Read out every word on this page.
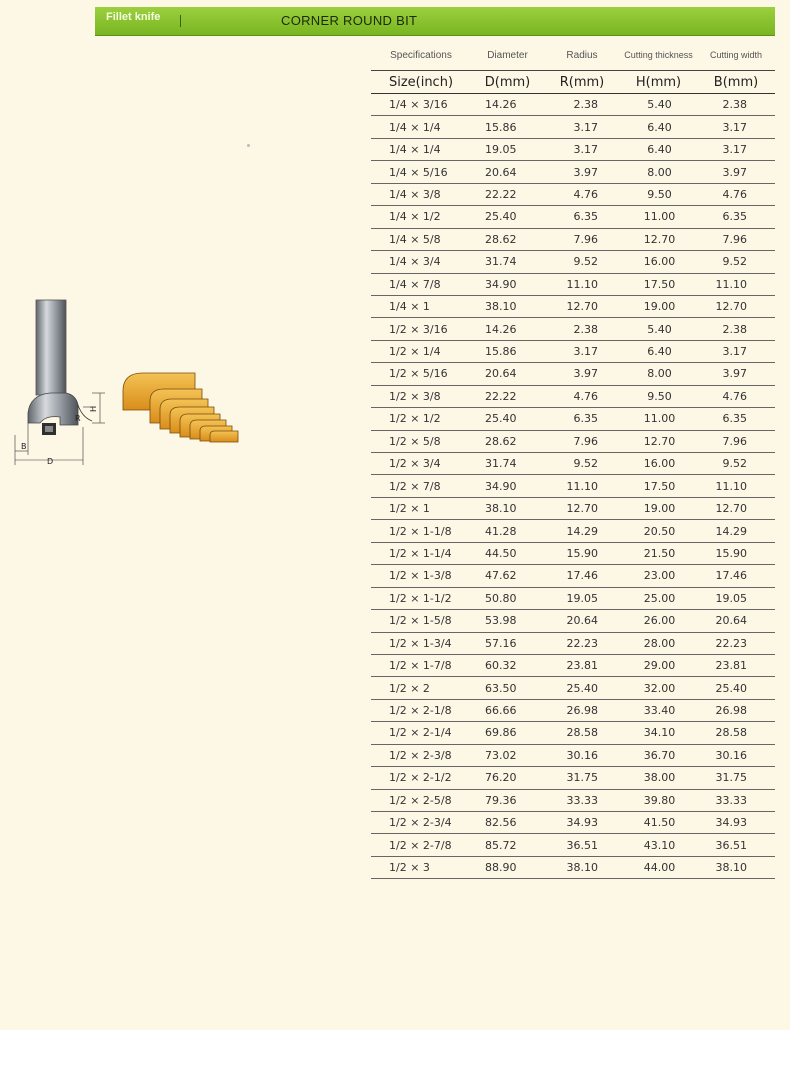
Fillet knife	CORNER ROUND BIT
R
H
B
D
Specifications	Diameter	Radius	Cutting thickness	Cutting width
Size(inch)	D(mm)	R(mm)	H(mm)	B(mm)
1/4 × 3/16	14.26	2.38	5.40	2.38
1/4 × 1/4	15.86	3.17	6.40	3.17
1/4 × 1/4	19.05	3.17	6.40	3.17
1/4 × 5/16	20.64	3.97	8.00	3.97
1/4 × 3/8	22.22	4.76	9.50	4.76
1/4 × 1/2	25.40	6.35	11.00	6.35
1/4 × 5/8	28.62	7.96	12.70	7.96
1/4 × 3/4	31.74	9.52	16.00	9.52
1/4 × 7/8	34.90	11.10	17.50	11.10
1/4 × 1	38.10	12.70	19.00	12.70
1/2 × 3/16	14.26	2.38	5.40	2.38
1/2 × 1/4	15.86	3.17	6.40	3.17
1/2 × 5/16	20.64	3.97	8.00	3.97
1/2 × 3/8	22.22	4.76	9.50	4.76
1/2 × 1/2	25.40	6.35	11.00	6.35
1/2 × 5/8	28.62	7.96	12.70	7.96
1/2 × 3/4	31.74	9.52	16.00	9.52
1/2 × 7/8	34.90	11.10	17.50	11.10
1/2 × 1	38.10	12.70	19.00	12.70
1/2 × 1-1/8	41.28	14.29	20.50	14.29
1/2 × 1-1/4	44.50	15.90	21.50	15.90
1/2 × 1-3/8	47.62	17.46	23.00	17.46
1/2 × 1-1/2	50.80	19.05	25.00	19.05
1/2 × 1-5/8	53.98	20.64	26.00	20.64
1/2 × 1-3/4	57.16	22.23	28.00	22.23
1/2 × 1-7/8	60.32	23.81	29.00	23.81
1/2 × 2	63.50	25.40	32.00	25.40
1/2 × 2-1/8	66.66	26.98	33.40	26.98
1/2 × 2-1/4	69.86	28.58	34.10	28.58
1/2 × 2-3/8	73.02	30.16	36.70	30.16
1/2 × 2-1/2	76.20	31.75	38.00	31.75
1/2 × 2-5/8	79.36	33.33	39.80	33.33
1/2 × 2-3/4	82.56	34.93	41.50	34.93
1/2 × 2-7/8	85.72	36.51	43.10	36.51
1/2 × 3	88.90	38.10	44.00	38.10
